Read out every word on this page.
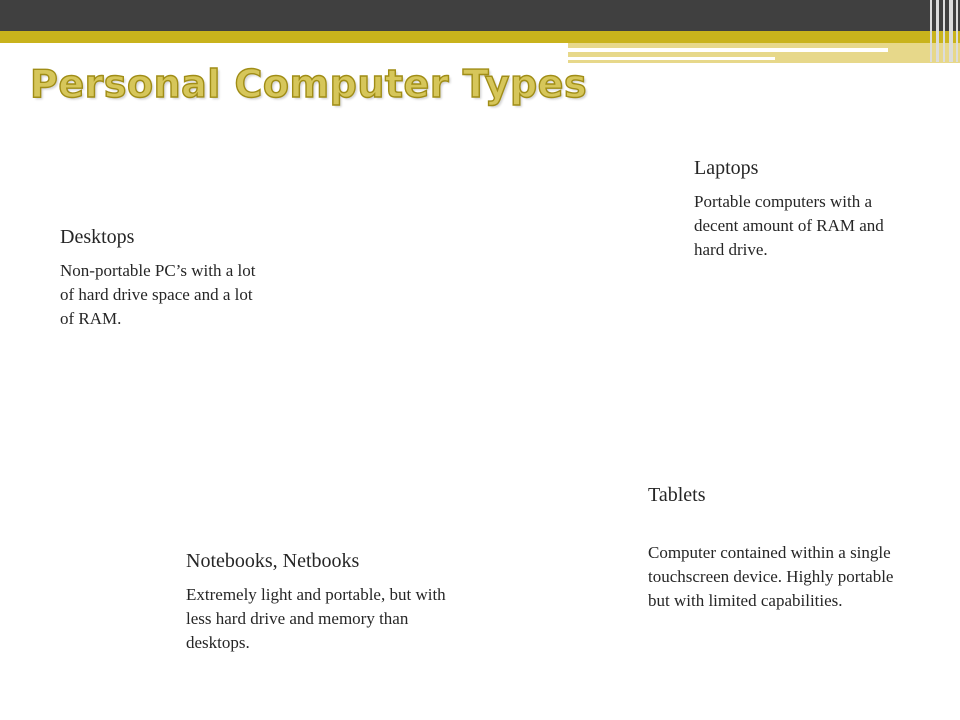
Personal Computer Types

Laptops

Portable computers with a decent amount of RAM and hard drive.

Desktops

Non-portable PC’s with a lot of hard drive space and a lot of RAM.

Tablets

Computer contained within a single touchscreen device. Highly portable but with limited capabilities.

Notebooks, Netbooks

Extremely light and portable, but with less hard drive and memory than desktops.
